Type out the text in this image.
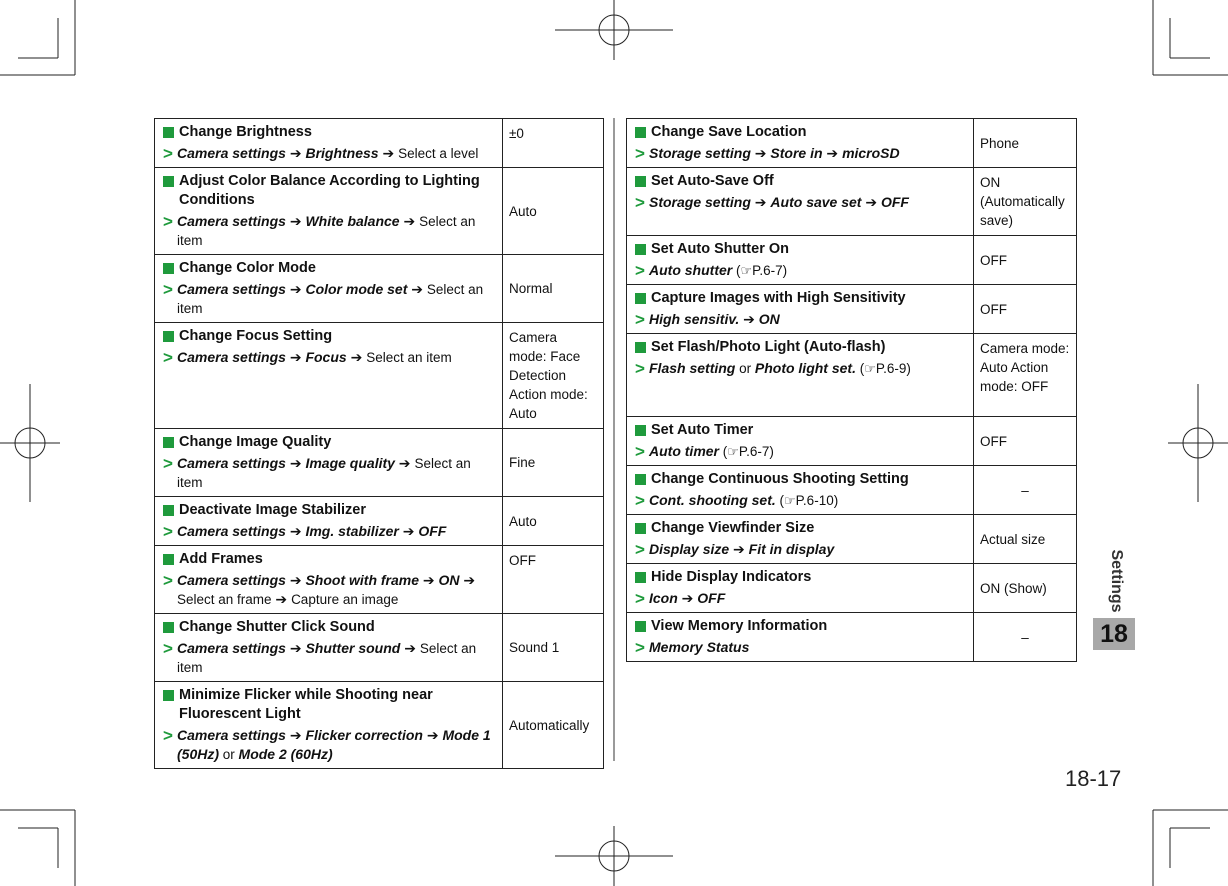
Change Brightness
> Camera settings ➔ Brightness ➔ Select a level	±0

Adjust Color Balance According to Lighting Conditions
> Camera settings ➔ White balance ➔ Select an item	Auto

Change Color Mode
> Camera settings ➔ Color mode set ➔ Select an item	Normal

Change Focus Setting
> Camera settings ➔ Focus ➔ Select an item	Camera mode: Face Detection Action mode: Auto

Change Image Quality
> Camera settings ➔ Image quality ➔ Select an item	Fine

Deactivate Image Stabilizer
> Camera settings ➔ Img. stabilizer ➔ OFF	Auto

Add Frames
> Camera settings ➔ Shoot with frame ➔ ON ➔ Select an frame ➔ Capture an image	OFF

Change Shutter Click Sound
> Camera settings ➔ Shutter sound ➔ Select an item	Sound 1

Minimize Flicker while Shooting near Fluorescent Light
> Camera settings ➔ Flicker correction ➔ Mode 1 (50Hz) or Mode 2 (60Hz)	Automatically
Change Save Location
> Storage setting ➔ Store in ➔ microSD	Phone

Set Auto-Save Off
> Storage setting ➔ Auto save set ➔ OFF	ON (Automatically save)

Set Auto Shutter On
> Auto shutter (☞P.6-7)	OFF

Capture Images with High Sensitivity
> High sensitiv. ➔ ON	OFF

Set Flash/Photo Light (Auto-flash)
> Flash setting or Photo light set. (☞P.6-9)	Camera mode: Auto Action mode: OFF

Set Auto Timer
> Auto timer (☞P.6-7)	OFF

Change Continuous Shooting Setting
> Cont. shooting set. (☞P.6-10)	–

Change Viewfinder Size
> Display size ➔ Fit in display	Actual size

Hide Display Indicators
> Icon ➔ OFF	ON (Show)

View Memory Information
> Memory Status	–
Settings
18
18-17
